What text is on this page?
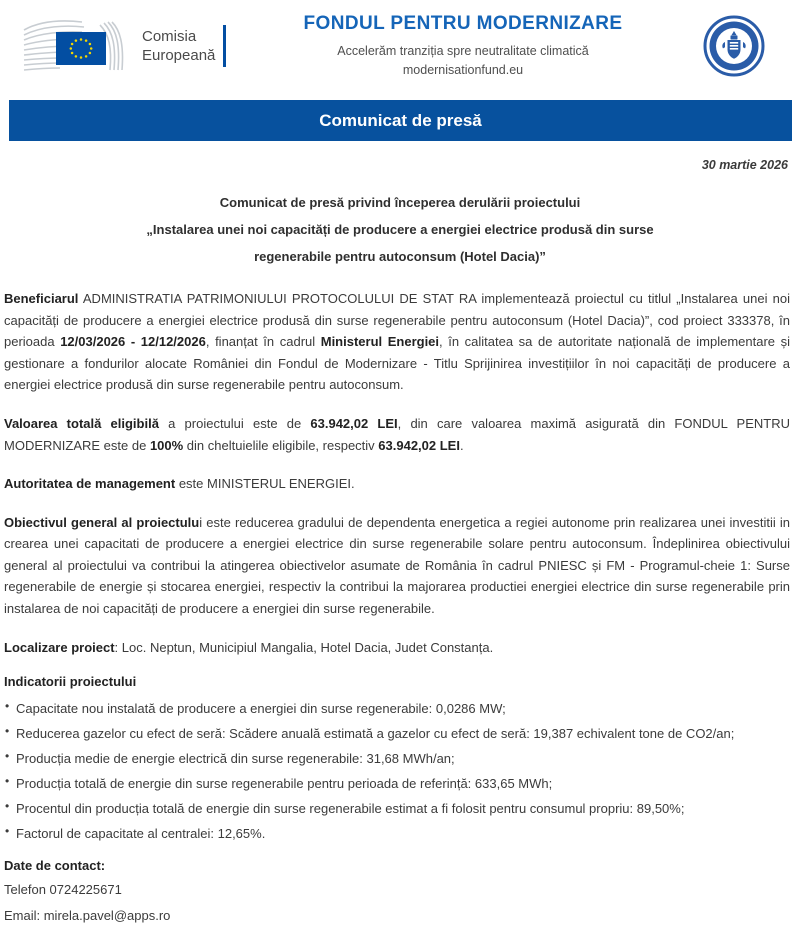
Comisia
Europeană
FONDUL PENTRU MODERNIZARE
Accelerăm tranziția spre neutralitate climatică
modernisationfund.eu
Comunicat de presă
30 martie 2026
Comunicat de presă privind începerea derulării proiectului
„Instalarea unei noi capacități de producere a energiei electrice produsă din surse
regenerabile pentru autoconsum (Hotel Dacia)”

Beneficiarul ADMINISTRATIA PATRIMONIULUI PROTOCOLULUI DE STAT RA implementează proiectul cu titlul „Instalarea unei noi capacități de producere a energiei electrice produsă din surse regenerabile pentru autoconsum (Hotel Dacia)”, cod proiect 333378, în perioada 12/03/2026 - 12/12/2026, finanțat în cadrul Ministerul Energiei, în calitatea sa de autoritate națională de implementare și gestionare a fondurilor alocate României din Fondul de Modernizare - Titlu Sprijinirea investițiilor în noi capacități de producere a energiei electrice produsă din surse regenerabile pentru autoconsum.

Valoarea totală eligibilă a proiectului este de 63.942,02 LEI, din care valoarea maximă asigurată din FONDUL PENTRU MODERNIZARE este de 100% din cheltuielile eligibile, respectiv 63.942,02 LEI.

Autoritatea de management este MINISTERUL ENERGIEI.

Obiectivul general al proiectului este reducerea gradului de dependenta energetica a regiei autonome prin realizarea unei investitii in crearea unei capacitati de producere a energiei electrice din surse regenerabile solare pentru autoconsum. Îndeplinirea obiectivului general al proiectului va contribui la atingerea obiectivelor asumate de România în cadrul PNIESC și FM - Programul-cheie 1: Surse regenerabile de energie și stocarea energiei, respectiv la contribui la majorarea productiei energiei electrice din surse regenerabile prin instalarea de noi capacități de producere a energiei din surse regenerabile.

Localizare proiect: Loc. Neptun, Municipiul Mangalia, Hotel Dacia, Judet Constanța.

Indicatorii proiectului
• Capacitate nou instalată de producere a energiei din surse regenerabile: 0,0286 MW;
• Reducerea gazelor cu efect de seră: Scădere anuală estimată a gazelor cu efect de seră: 19,387 echivalent tone de CO2/an;
• Producția medie de energie electrică din surse regenerabile: 31,68 MWh/an;
• Producția totală de energie din surse regenerabile pentru perioada de referință: 633,65 MWh;
• Procentul din producția totală de energie din surse regenerabile estimat a fi folosit pentru consumul propriu: 89,50%;
• Factorul de capacitate al centralei: 12,65%.
Date de contact:
Telefon 0724225671
Email: mirela.pavel@apps.ro
